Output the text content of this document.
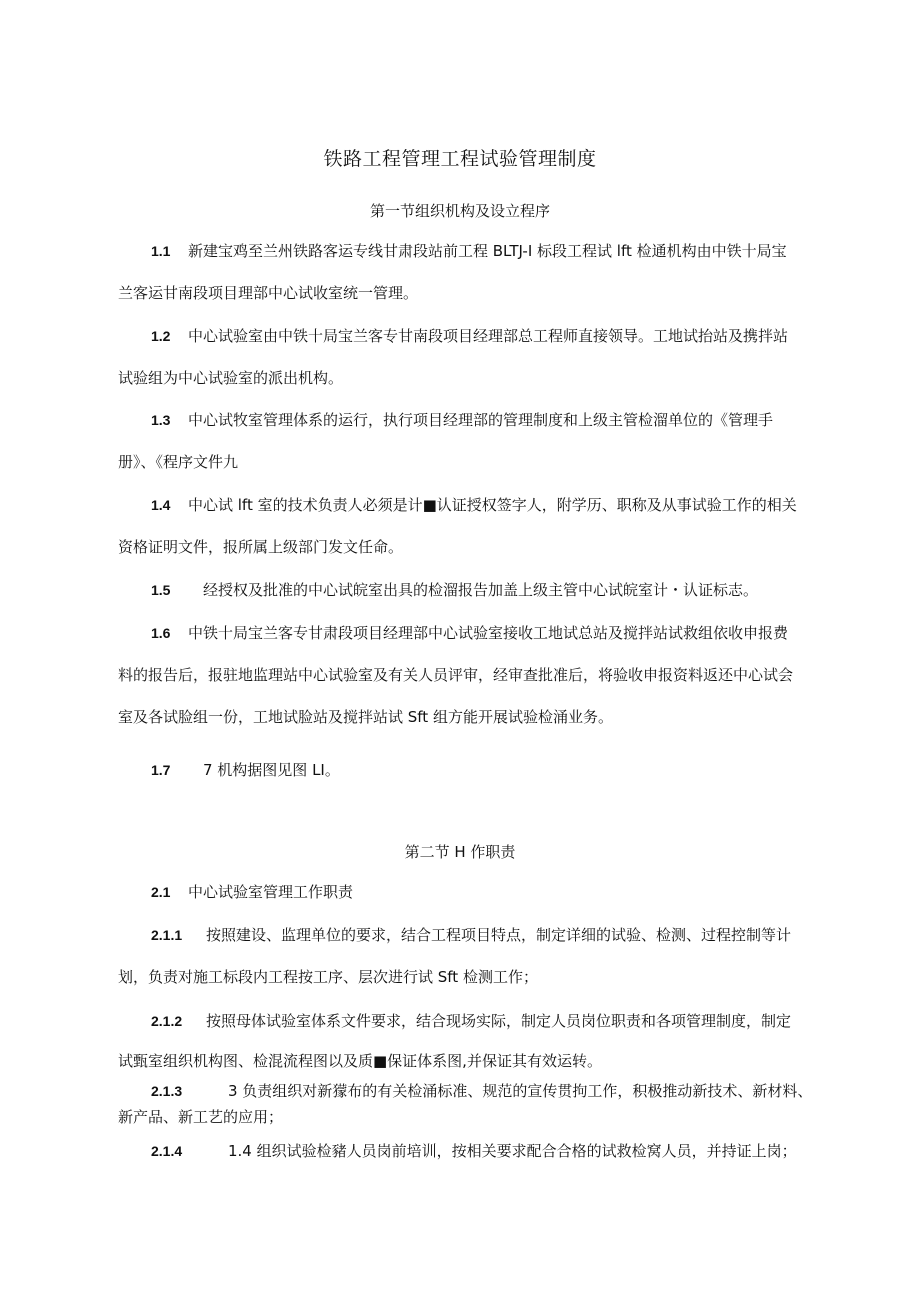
铁路工程管理工程试验管理制度
第一节组织机构及设立程序
1.1 新建宝鸡至兰州铁路客运专线甘肃段站前工程 BLTJ-I 标段工程试 lft 检通机构由中铁十局宝
兰客运甘南段项目理部中心试收室统一管理。
1.2 中心试验室由中铁十局宝兰客专甘南段项目经理部总工程师直接领导。工地试抬站及携拌站
试验组为中心试验室的派出机构。
1.3 中心试牧室管理体系的运行，执行项目经理部的管理制度和上级主管检溜单位的《管理手
册》、《程序文件九
1.4 中心试 lft 室的技术负责人必须是计■认证授权签字人，附学历、职称及从事试验工作的相关
资格证明文件，报所属上级部门发文任命。
1.5 经授权及批准的中心试皖室出具的检溜报告加盖上级主管中心试皖室计・认证标志。
1.6 中铁十局宝兰客专甘肃段项目经理部中心试验室接收工地试总站及搅拌站试救组依收申报费
料的报告后，报驻地监理站中心试验室及有关人员评审，经审查批准后，将验收申报资料返还中心试会
室及各试脸组一份，工地试脸站及搅拌站试 Sft 组方能开展试验检涌业务。
1.7 7 机构据图见图 LI。
第二节 H 作职责
2.1 中心试验室管理工作职责
2.1.1 按照建设、监理单位的要求，结合工程项目特点，制定详细的试验、检测、过程控制等计
划，负责对施工标段内工程按工序、层次进行试 Sft 检测工作；
2.1.2 按照母体试验室体系文件要求，结合现场实际，制定人员岗位职责和各项管理制度，制定
试甄室组织机构图、检混流程图以及质■保证体系图,并保证其有效运转。
2.1.3	3 负责组织对新獴布的有关检涌标准、规范的宣传贯拘工作，积极推动新技术、新材料、
新产品、新工艺的应用；
2.1.4	1.4 组织试验检豬人员岗前培训，按相关要求配合合格的试救检窝人员，并持证上岗；
